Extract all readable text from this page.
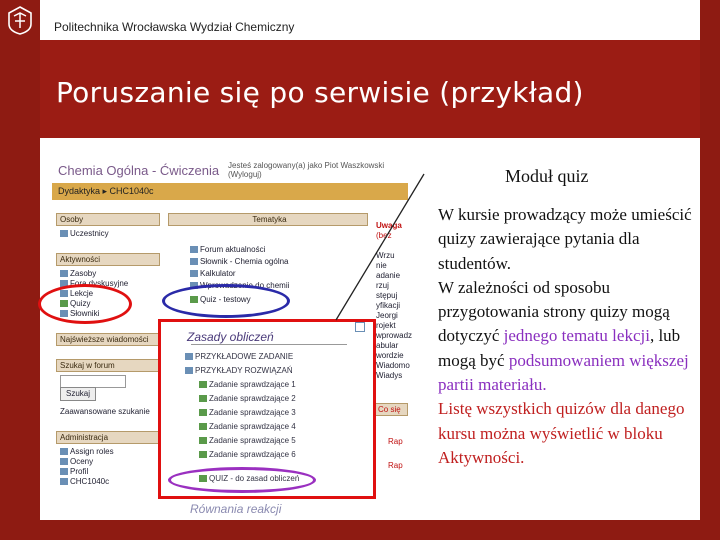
Politechnika Wrocławska Wydział Chemiczny
Poruszanie się po serwisie (przykład)
Chemia Ogólna - Ćwiczenia Jesteś zalogowany(a) jako Piot Waszkowski (Wyloguj)
Dydaktyka ▸ CHC1040c
Osoby
Uczestnicy
Aktywności
Zasoby
Fora dyskusyjne
Lekcje
Quizy
Słowniki
Najświeższe wiadomości
Szukaj w forum
Szukaj
Zaawansowane szukanie
Administracja
Assign roles
Oceny
Profil
CHC1040c
Tematyka
Forum aktualności
Słownik - Chemia ogólna
Kalkulator
Wprowadzenie do chemii
Quiz - testowy
Uwaga
(bez
Wrzu
nie
adanie
rzuj
stępuj
yfikacji
Jeorgi
rojekt
wprowadz
abular
wordzie
Wiadomo
Wiadys
Co się
Rap
Rap
Zasady obliczeń
PRZYKŁADOWE ZADANIE
PRZYKŁADY ROZWIĄZAŃ
Zadanie sprawdzające 1
Zadanie sprawdzające 2
Zadanie sprawdzające 3
Zadanie sprawdzające 4
Zadanie sprawdzające 5
Zadanie sprawdzające 6
QUIZ - do zasad obliczeń
Równania reakcji
Moduł quiz
W kursie prowadzący może umieścić quizy zawierające pytania dla studentów.
W zależności od sposobu przygotowania strony quizy mogą dotyczyć jednego tematu lekcji, lub mogą być podsumowaniem większej partii materiału.
Listę wszystkich quizów dla danego kursu można wyświetlić w bloku Aktywności.
